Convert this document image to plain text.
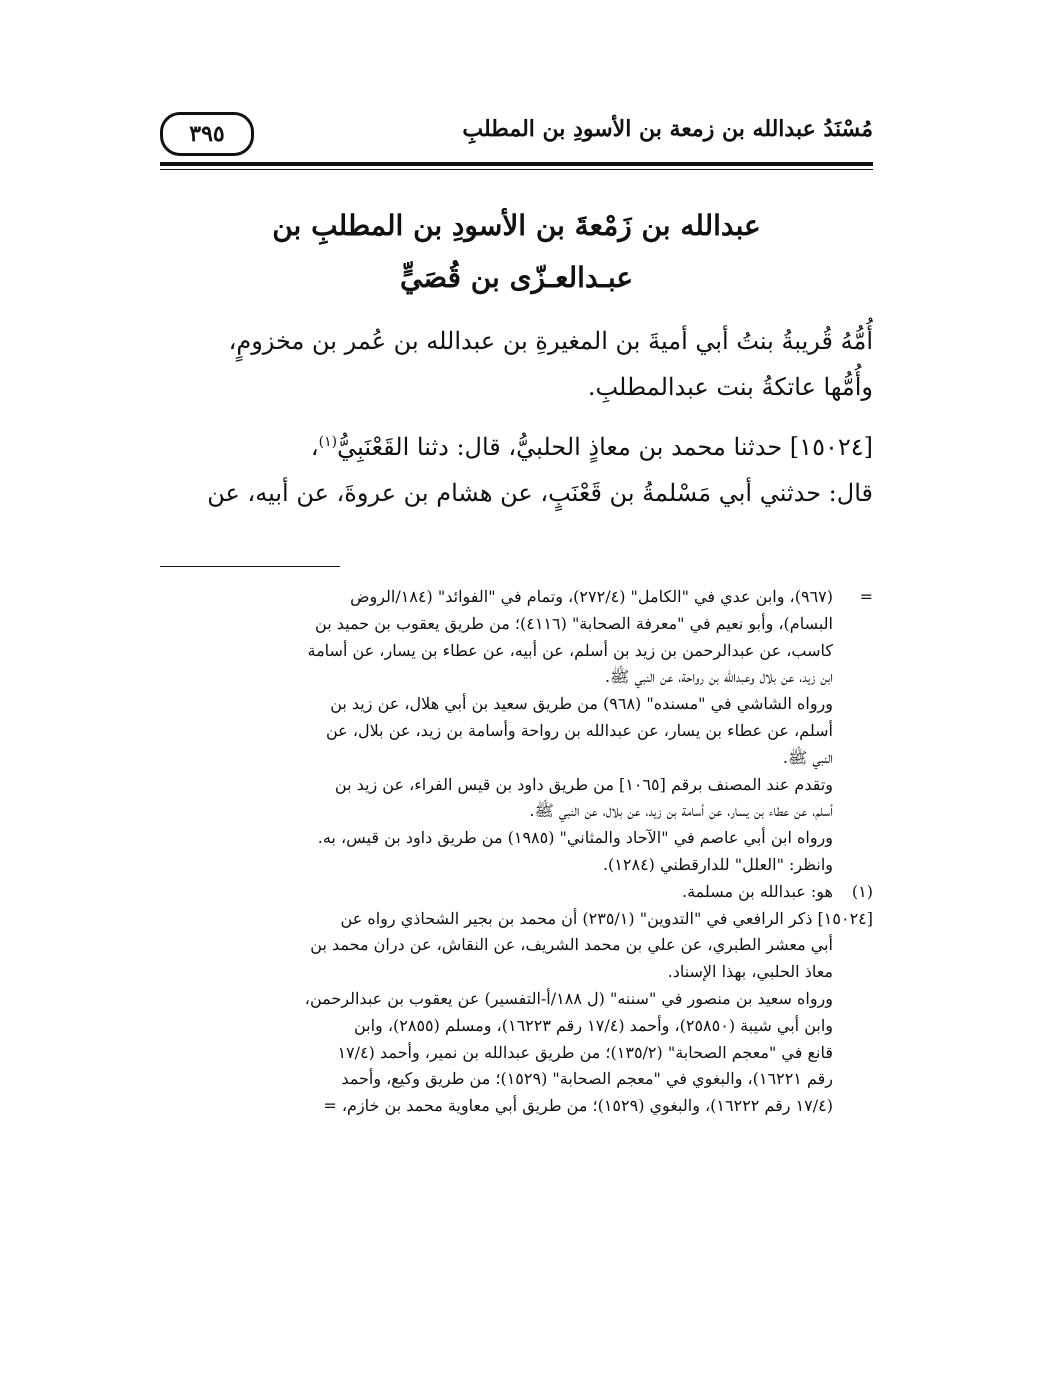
مُسْنَدُ عبدالله بن زمعة بن الأسودِ بن المطلبِ
٣٩٥
عبدالله بن زَمْعةَ بن الأسودِ بن المطلبِ بن
عبـدالعـزّى بن قُصَيٍّ

أُمُّهُ قُريبةُ بنتُ أبي أميةَ بن المغيرةِ بن عبدالله بن عُمر بن مخزومٍ،

وأُمُّها عاتكةُ بنت عبدالمطلبِ.

[١٥٠٢٤] حدثنا محمد بن معاذٍ الحلبيُّ، قال: دثنا القَعْنَبِيُّ$^{(١)}$،

قال: حدثني أبي مَسْلمةُ بن قَعْنَبٍ، عن هشام بن عروةَ، عن أبيه، عن

=

(٩٦٧)، وابن عدي في "الكامل" (٢٧٢/٤)، وتمام في "الفوائد" (١٨٤/الروض

البسام)، وأبو نعيم في "معرفة الصحابة" (٤١١٦)؛ من طريق يعقوب بن حميد بن

كاسب، عن عبدالرحمن بن زيد بن أسلم، عن أبيه، عن عطاء بن يسار، عن أسامة

ابن زيد، عن بلال وعبدالله بن رواحة، عن النبي ﷺ.

ورواه الشاشي في "مسنده" (٩٦٨) من طريق سعيد بن أبي هلال، عن زيد بن

أسلم، عن عطاء بن يسار، عن عبدالله بن رواحة وأسامة بن زيد، عن بلال، عن

النبي ﷺ.

وتقدم عند المصنف برقم [١٠٦٥] من طريق داود بن قيس الفراء، عن زيد بن

أسلم، عن عطاء بن يسار، عن أسامة بن زيد، عن بلال، عن النبي ﷺ.

ورواه ابن أبي عاصم في "الآحاد والمثاني" (١٩٨٥) من طريق داود بن قيس، به.

وانظر: "العلل" للدارقطني (١٢٨٤).

(١)
هو: عبدالله بن مسلمة.

[١٥٠٢٤] ذكر الرافعي في "التدوين" (٢٣٥/١) أن محمد بن بجير الشحاذي رواه عن

أبي معشر الطبري، عن علي بن محمد الشريف، عن النقاش، عن دران محمد بن

معاذ الحلبي، بهذا الإسناد.

ورواه سعيد بن منصور في "سننه" (ل ١٨٨/أ-التفسير) عن يعقوب بن عبدالرحمن،

وابن أبي شيبة (٢٥٨٥٠)، وأحمد (١٧/٤ رقم ١٦٢٢٣)، ومسلم (٢٨٥٥)، وابن

قانع في "معجم الصحابة" (١٣٥/٢)؛ من طريق عبدالله بن نمير، وأحمد (١٧/٤

رقم ١٦٢٢١)، والبغوي في "معجم الصحابة" (١٥٢٩)؛ من طريق وكيع، وأحمد

(١٧/٤ رقم ١٦٢٢٢)، والبغوي (١٥٢٩)؛ من طريق أبي معاوية محمد بن خازم، =
